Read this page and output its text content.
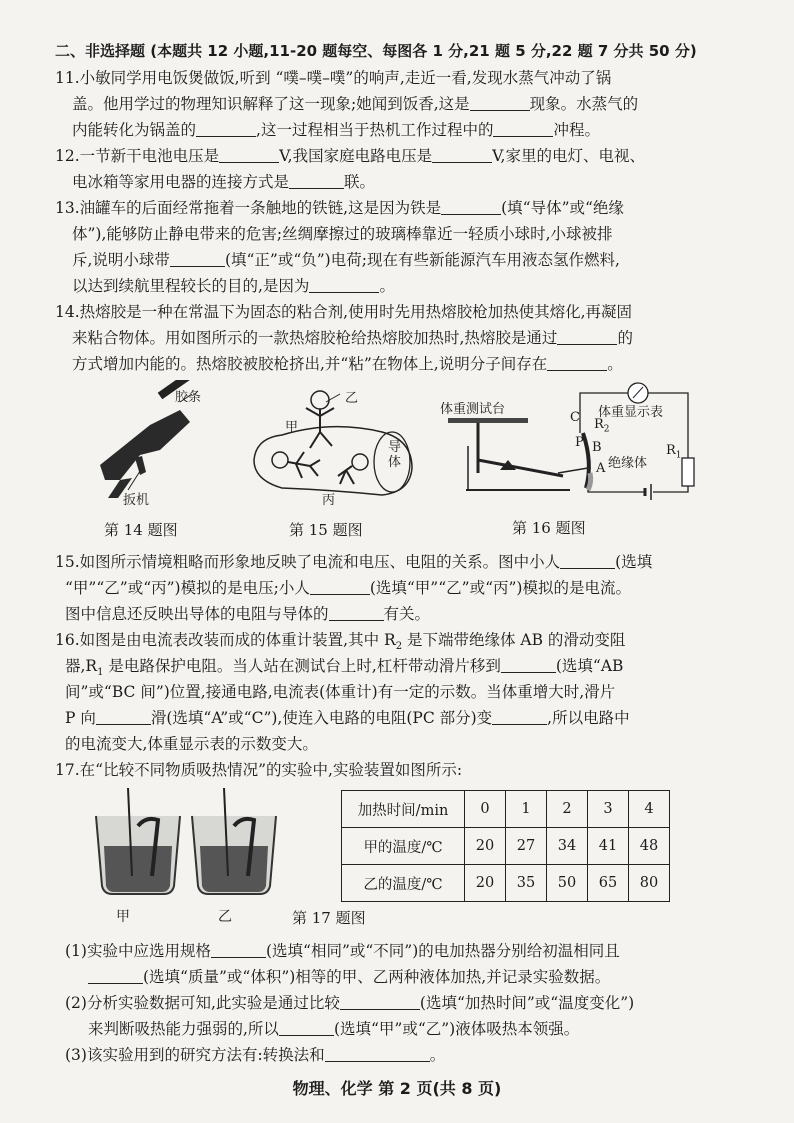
二、非选择题 (本题共 12 小题,11-20 题每空、每图各 1 分,21 题 5 分,22 题 7 分共 50 分)
11.小敏同学用电饭煲做饭,听到 “噗–噗–噗”的响声,走近一看,发现水蒸气冲动了锅
盖。他用学过的物理知识解释了这一现象;她闻到饭香,这是	现象。水蒸气的
内能转化为锅盖的	,这一过程相当于热机工作过程中的	冲程。
12.一节新干电池电压是	V,我国家庭电路电压是	V,家里的电灯、电视、
电冰箱等家用电器的连接方式是	联。
13.油罐车的后面经常拖着一条触地的铁链,这是因为铁是	(填“导体”或“绝缘
体”),能够防止静电带来的危害;丝绸摩擦过的玻璃棒靠近一轻质小球时,小球被排
斥,说明小球带	(填“正”或“负”)电荷;现在有些新能源汽车用液态氢作燃料,
以达到续航里程较长的目的,是因为	。
14.热熔胶是一种在常温下为固态的粘合剂,使用时先用热熔胶枪加热使其熔化,再凝固
来粘合物体。用如图所示的一款热熔胶枪给热熔胶加热时,热熔胶是通过	的
方式增加内能的。热熔胶被胶枪挤出,并“粘”在物体上,说明分子间存在	。
胶条
扳机
第 14 题图
甲
乙
丙
导体
第 15 题图
体重测试台	体重显示表
C $R_2$
P B
绝缘体
A
$R_1$
第 16 题图
15.如图所示情境粗略而形象地反映了电流和电压、电阻的关系。图中小人	(选填
“甲”“乙”或“丙”)模拟的是电压;小人	(选填“甲”“乙”或“丙”)模拟的是电流。
图中信息还反映出导体的电阻与导体的	有关。
16.如图是由电流表改装而成的体重计装置,其中 $R_2$ 是下端带绝缘体 AB 的滑动变阻
器$,R_1$ 是电路保护电阻。当人站在测试台上时,杠杆带动滑片移到	(选填“AB
间”或“BC 间”)位置,接通电路,电流表(体重计)有一定的示数。当体重增大时,滑片
P 向	滑(选填“A”或“C”),使连入电路的电阻(PC 部分)变	,所以电路中
的电流变大,体重显示表的示数变大。
17.在“比较不同物质吸热情况”的实验中,实验装置如图所示:
甲	乙	第 17 题图
加热时间/min	0	1	2	3	4
甲的温度/℃	20	27	34	41	48
乙的温度/℃	20	35	50	65	80
(1)实验中应选用规格	(选填“相同”或“不同”)的电加热器分别给初温相同且
(选填“质量”或“体积”)相等的甲、乙两种液体加热,并记录实验数据。
(2)分析实验数据可知,此实验是通过比较	(选填“加热时间”或“温度变化”)
来判断吸热能力强弱的,所以	(选填“甲”或“乙”)液体吸热本领强。
(3)该实验用到的研究方法有:转换法和	。
物理、化学 第 2 页(共 8 页)
